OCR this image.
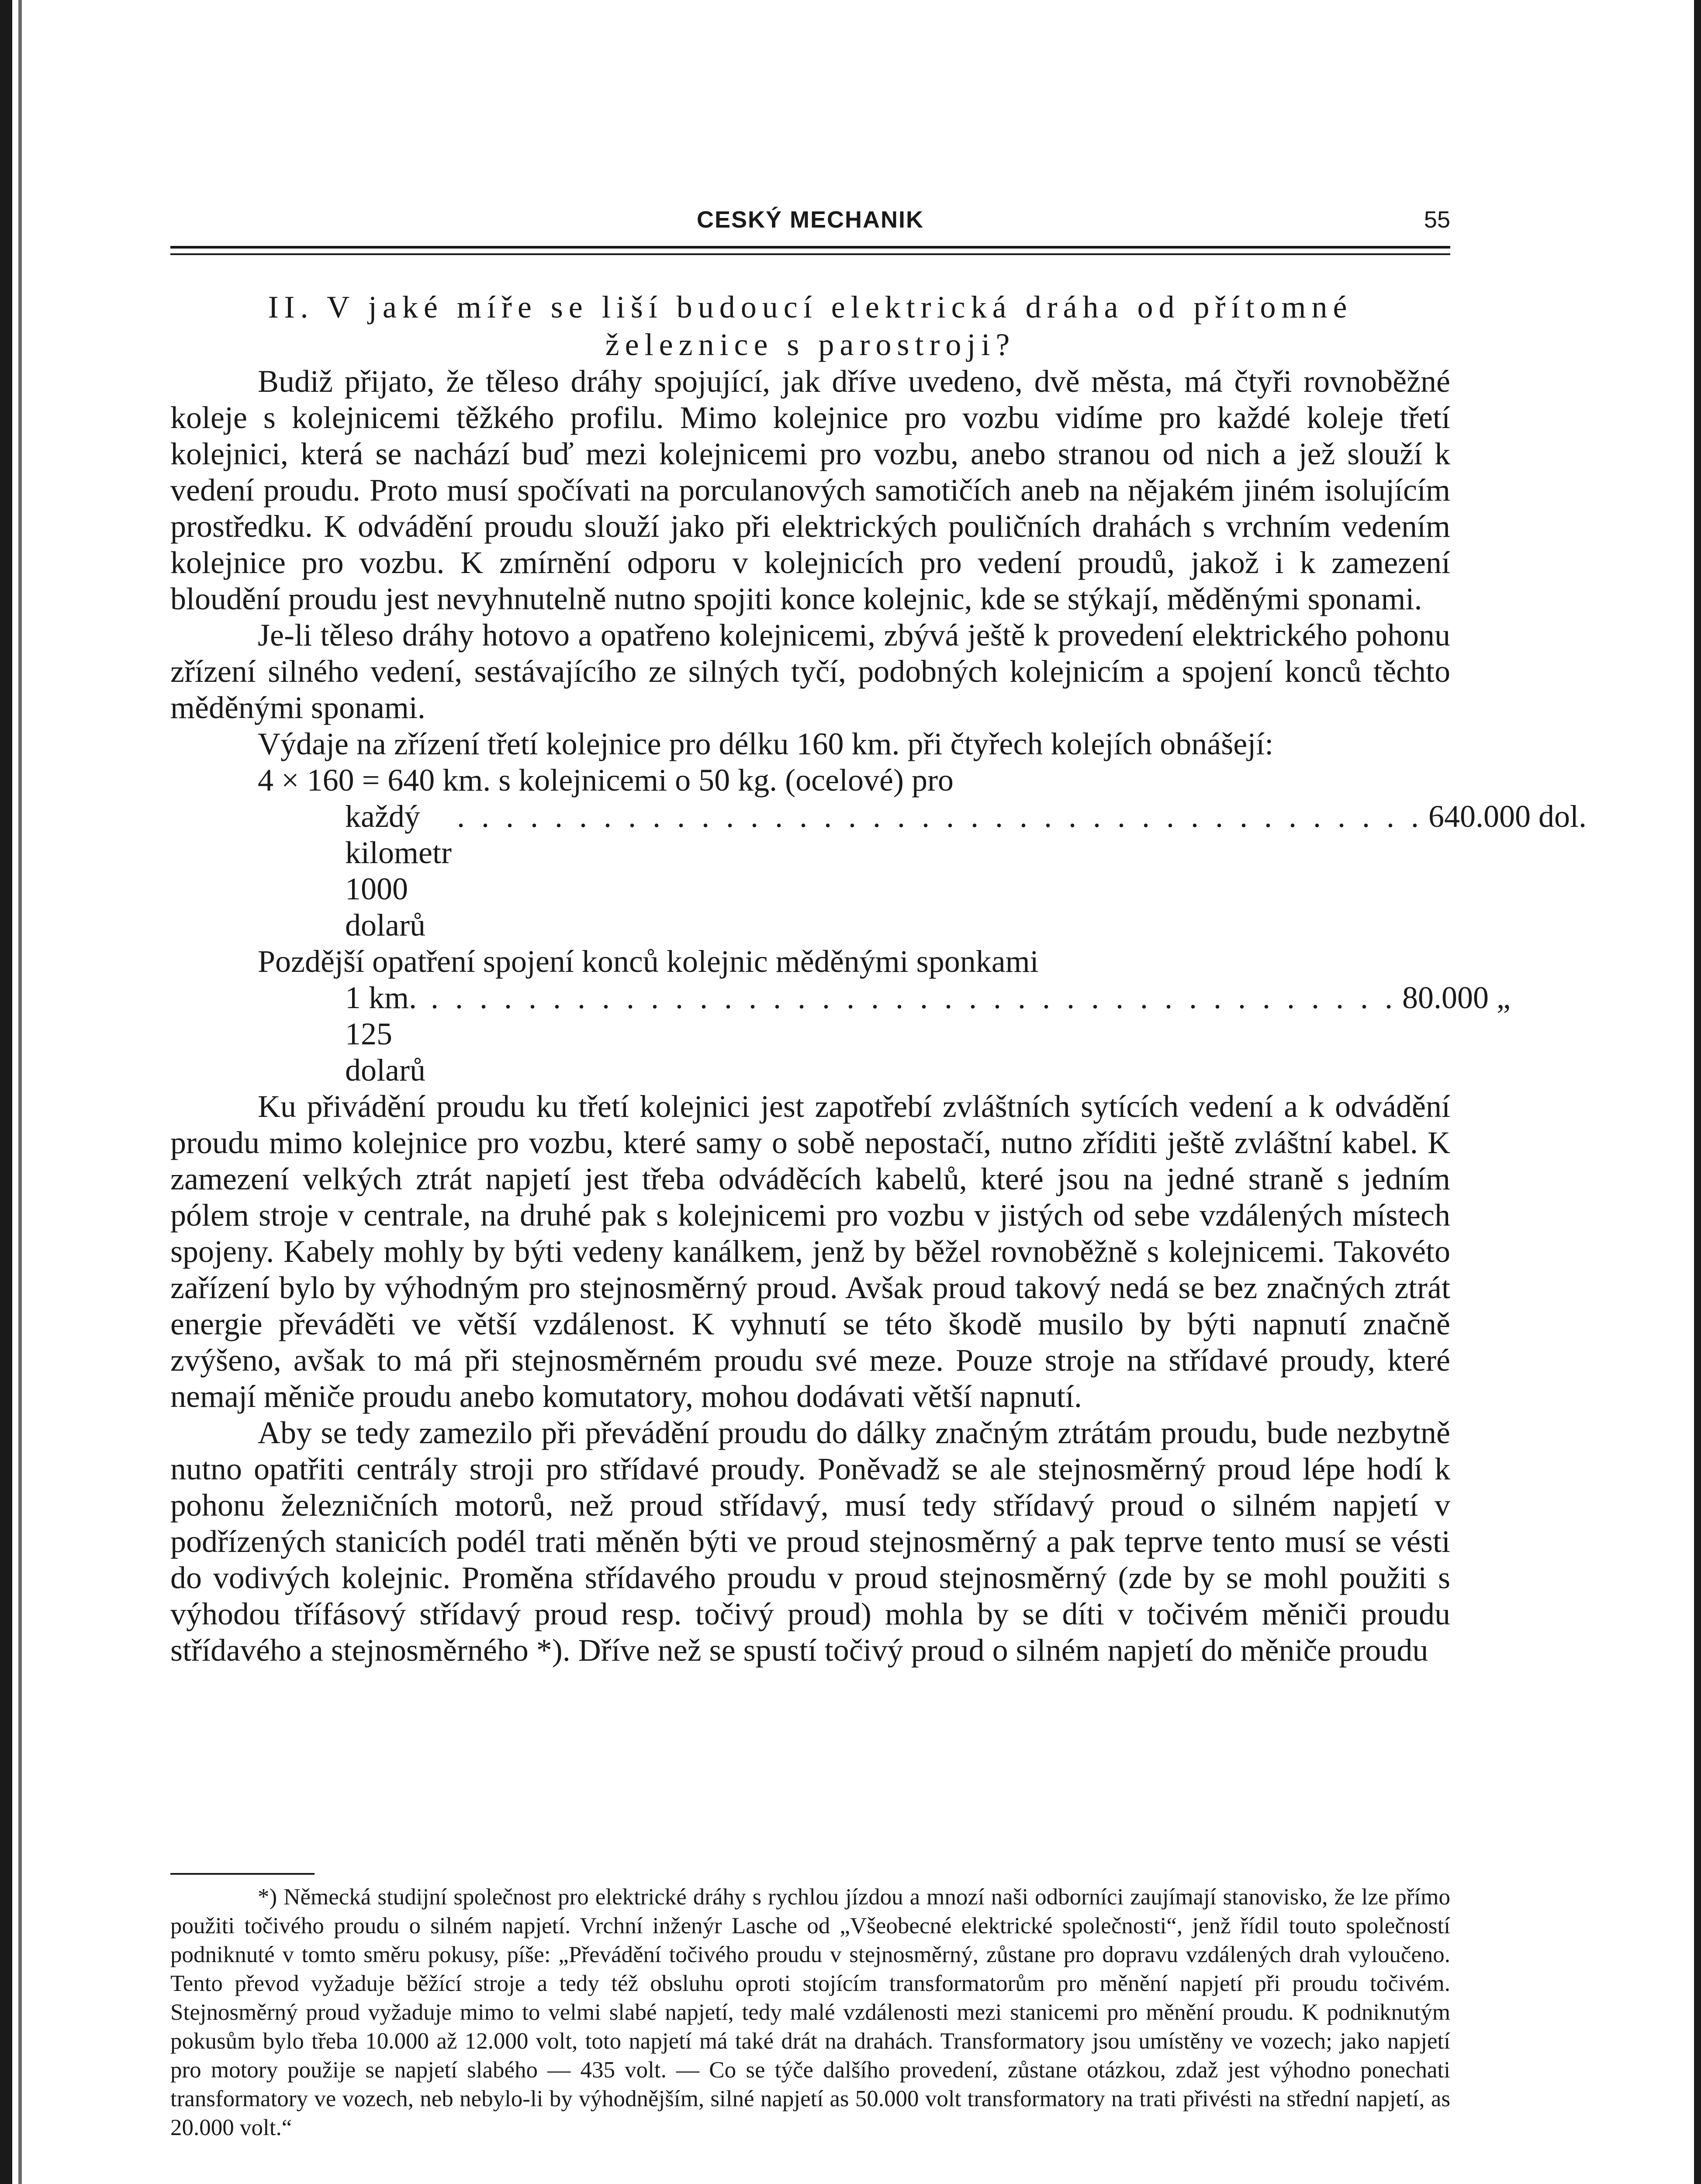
CESKÝ MECHANIK	55
II. V jaké míře se liší budoucí elektrická dráha od přítomné
železnice s parostroji?

Budiž přijato, že těleso dráhy spojující, jak dříve uvedeno, dvě města, má čtyři rovnoběžné koleje s kolejnicemi těžkého profilu. Mimo kolejnice pro vozbu vidíme pro každé koleje třetí kolejnici, která se nachází buď mezi kolejnicemi pro vozbu, anebo stranou od nich a jež slouží k vedení proudu. Proto musí spočívati na porculanových samotičích aneb na nějakém jiném isolujícím prostředku. K odvádění proudu slouží jako při elektrických pouličních drahách s vrchním vedením kolejnice pro vozbu. K zmírnění odporu v kolejnicích pro vedení proudů, jakož i k zamezení bloudění proudu jest nevyhnutelně nutno spojiti konce kolejnic, kde se stýkají, měděnými sponami.

Je-li těleso dráhy hotovo a opatřeno kolejnicemi, zbývá ještě k provedení elektrického pohonu zřízení silného vedení, sestávajícího ze silných tyčí, podobných kolejnicím a spojení konců těchto měděnými sponami.

Výdaje na zřízení třetí kolejnice pro délku 160 km. při čtyřech kolejích obnášejí:

4 × 160 = 640 km. s kolejnicemi o 50 kg. (ocelové) pro
každý kilometr 1000 dolarů
. . . . . . . . . . . . . . . . . . . . . . . . . . . . . . . . . . . . . . . . 640.000 dol.
Pozdější opatření spojení konců kolejnic měděnými sponkami
1 km. 125 dolarů
. . . . . . . . . . . . . . . . . . . . . . . . . . . . . . . . . . . . . . . . 80.000 „

Ku přivádění proudu ku třetí kolejnici jest zapotřebí zvláštních sytících vedení a k odvádění proudu mimo kolejnice pro vozbu, které samy o sobě nepostačí, nutno zříditi ještě zvláštní kabel. K zamezení velkých ztrát napjetí jest třeba odváděcích kabelů, které jsou na jedné straně s jedním pólem stroje v centrale, na druhé pak s kolejnicemi pro vozbu v jistých od sebe vzdálených místech spojeny. Kabely mohly by býti vedeny kanálkem, jenž by běžel rovnoběžně s kolejnicemi. Takovéto zařízení bylo by výhodným pro stejnosměrný proud. Avšak proud takový nedá se bez značných ztrát energie převáděti ve větší vzdálenost. K vyhnutí se této škodě musilo by býti napnutí značně zvýšeno, avšak to má při stejnosměrném proudu své meze. Pouze stroje na střídavé proudy, které nemají měniče proudu anebo komutatory, mohou dodávati větší napnutí.

Aby se tedy zamezilo při převádění proudu do dálky značným ztrátám proudu, bude nezbytně nutno opatřiti centrály stroji pro střídavé proudy. Poněvadž se ale stejnosměrný proud lépe hodí k pohonu železničních motorů, než proud střídavý, musí tedy střídavý proud o silném napjetí v podřízených stanicích podél trati měněn býti ve proud stejnosměrný a pak teprve tento musí se vésti do vodivých kolejnic. Proměna střídavého proudu v proud stejnosměrný (zde by se mohl použiti s výhodou třífásový střídavý proud resp. točivý proud) mohla by se díti v točivém měniči proudu střídavého a stejnosměrného *). Dříve než se spustí točivý proud o silném napjetí do měniče proudu

*) Německá studijní společnost pro elektrické dráhy s rychlou jízdou a mnozí naši odborníci zaujímají stanovisko, že lze přímo použiti točivého proudu o silném napjetí. Vrchní inženýr Lasche od „Všeobecné elektrické společnosti“, jenž řídil touto společností podniknuté v tomto směru pokusy, píše: „Převádění točivého proudu v stejnosměrný, zůstane pro dopravu vzdálených drah vyloučeno. Tento převod vyžaduje běžící stroje a tedy též obsluhu oproti stojícím transformatorům pro měnění napjetí při proudu točivém. Stejnosměrný proud vyžaduje mimo to velmi slabé napjetí, tedy malé vzdálenosti mezi stanicemi pro měnění proudu. K podniknutým pokusům bylo třeba 10.000 až 12.000 volt, toto napjetí má také drát na drahách. Transformatory jsou umístěny ve vozech; jako napjetí pro motory použije se napjetí slabého — 435 volt. — Co se týče dalšího provedení, zůstane otázkou, zdaž jest výhodno ponechati transformatory ve vozech, neb nebylo-li by výhodnějším, silné napjetí as 50.000 volt transformatory na trati přivésti na střední napjetí, as 20.000 volt.“
